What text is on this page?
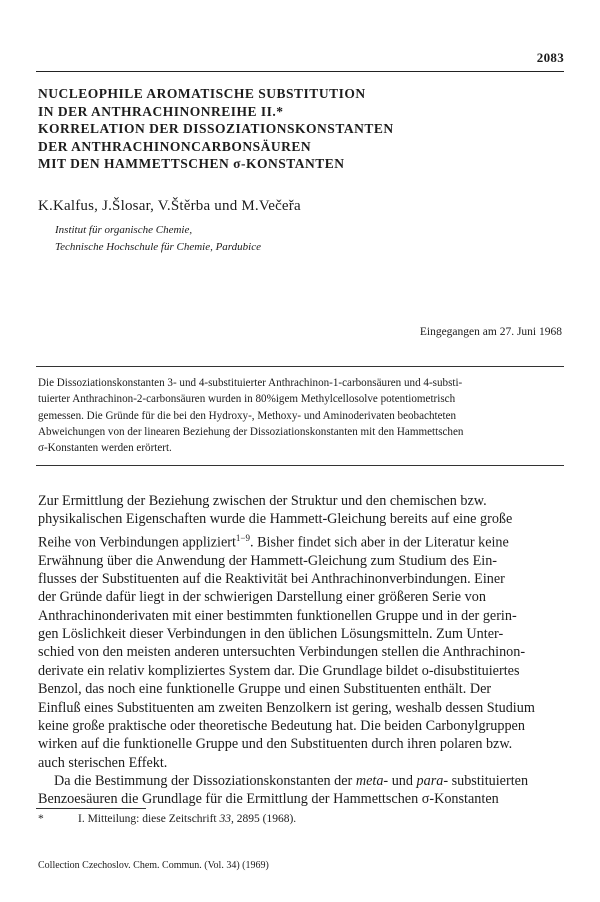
2083
NUCLEOPHILE AROMATISCHE SUBSTITUTION
IN DER ANTHRACHINONREIHE II.*
KORRELATION DER DISSOZIATIONSKONSTANTEN
DER ANTHRACHINONCARBONSÄUREN
MIT DEN HAMMETTSCHEN σ-KONSTANTEN
K.Kalfus, J.Šlosar, V.Štěrba und M.Večeřa
Institut für organische Chemie,
Technische Hochschule für Chemie, Pardubice
Eingegangen am 27. Juni 1968
Die Dissoziationskonstanten 3- und 4-substituierter Anthrachinon-1-carbonsäuren und 4-substi-
tuierter Anthrachinon-2-carbonsäuren wurden in 80%igem Methylcellosolve potentiometrisch
gemessen. Die Gründe für die bei den Hydroxy-, Methoxy- und Aminoderivaten beobachteten
Abweichungen von der linearen Beziehung der Dissoziationskonstanten mit den Hammettschen
σ-Konstanten werden erörtert.
Zur Ermittlung der Beziehung zwischen der Struktur und den chemischen bzw.
physikalischen Eigenschaften wurde die Hammett-Gleichung bereits auf eine große
Reihe von Verbindungen appliziert$^{1-9}$. Bisher findet sich aber in der Literatur keine
Erwähnung über die Anwendung der Hammett-Gleichung zum Studium des Ein-
flusses der Substituenten auf die Reaktivität bei Anthrachinonverbindungen. Einer
der Gründe dafür liegt in der schwierigen Darstellung einer größeren Serie von
Anthrachinonderivaten mit einer bestimmten funktionellen Gruppe und in der gerin-
gen Löslichkeit dieser Verbindungen in den üblichen Lösungsmitteln. Zum Unter-
schied von den meisten anderen untersuchten Verbindungen stellen die Anthrachinon-
derivate ein relativ kompliziertes System dar. Die Grundlage bildet o-disubstituiertes
Benzol, das noch eine funktionelle Gruppe und einen Substituenten enthält. Der
Einfluß eines Substituenten am zweiten Benzolkern ist gering, weshalb dessen Studium
keine große praktische oder theoretische Bedeutung hat. Die beiden Carbonylgruppen
wirken auf die funktionelle Gruppe und den Substituenten durch ihren polaren bzw.
auch sterischen Effekt.
Da die Bestimmung der Dissoziationskonstanten der meta- und para- substituierten
Benzoesäuren die Grundlage für die Ermittlung der Hammettschen σ-Konstanten
*	I. Mitteilung: diese Zeitschrift 33, 2895 (1968).
Collection Czechoslov. Chem. Commun. (Vol. 34) (1969)
